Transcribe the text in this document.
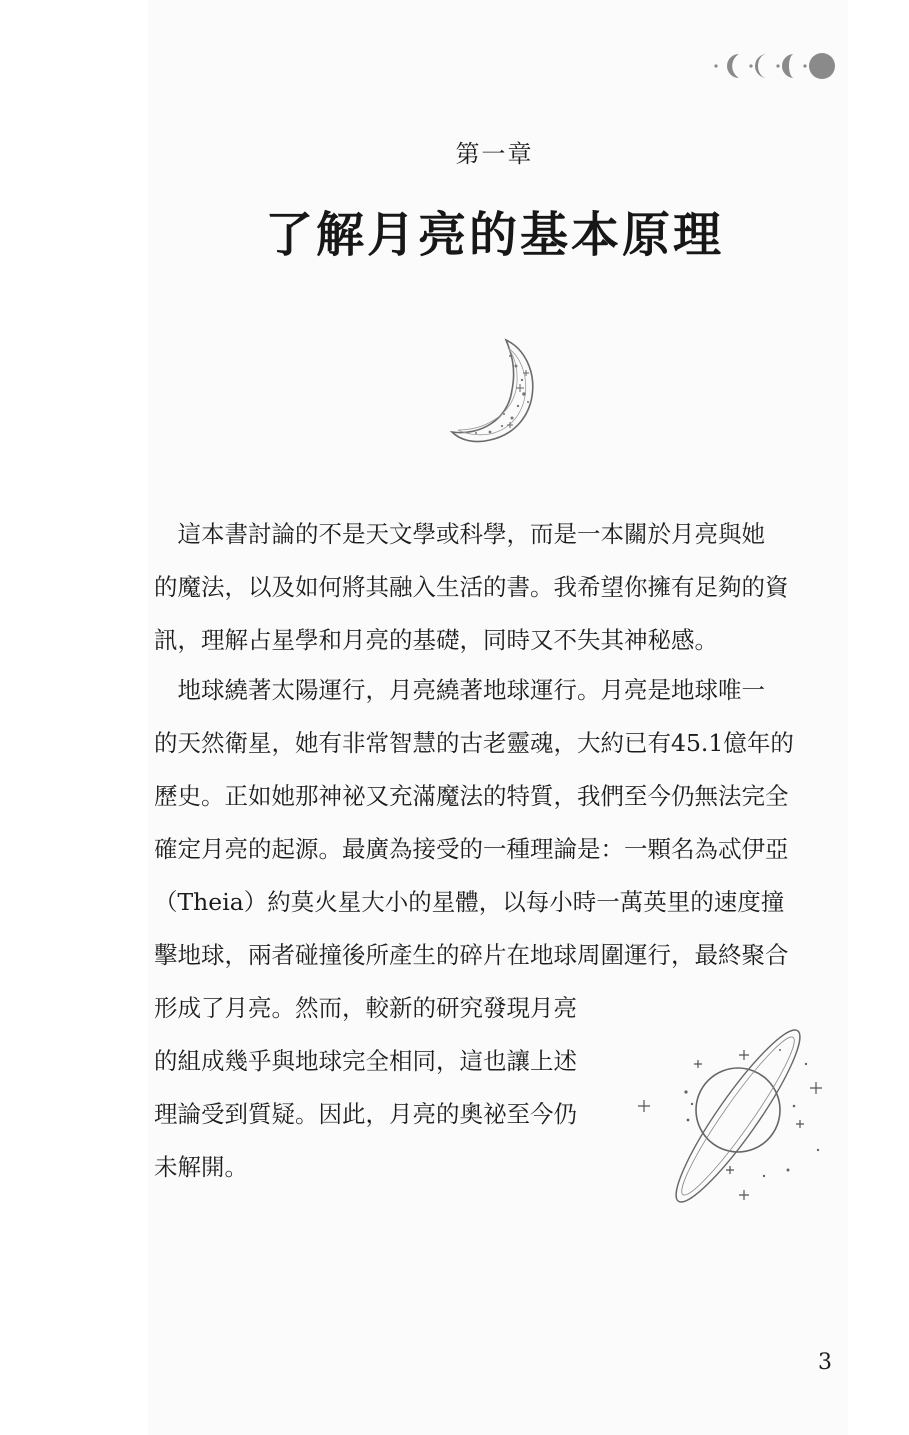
第一章
了解月亮的基本原理
　這本書討論的不是天文學或科學，而是一本關於月亮與她
的魔法，以及如何將其融入生活的書。我希望你擁有足夠的資
訊，理解占星學和月亮的基礎，同時又不失其神秘感。
　地球繞著太陽運行，月亮繞著地球運行。月亮是地球唯一
的天然衛星，她有非常智慧的古老靈魂，大約已有45.1億年的
歷史。正如她那神祕又充滿魔法的特質，我們至今仍無法完全
確定月亮的起源。最廣為接受的一種理論是：一顆名為忒伊亞
（Theia）約莫火星大小的星體，以每小時一萬英里的速度撞
擊地球，兩者碰撞後所產生的碎片在地球周圍運行，最終聚合
形成了月亮。然而，較新的研究發現月亮
的組成幾乎與地球完全相同，這也讓上述
理論受到質疑。因此，月亮的奧祕至今仍
未解開。
3
